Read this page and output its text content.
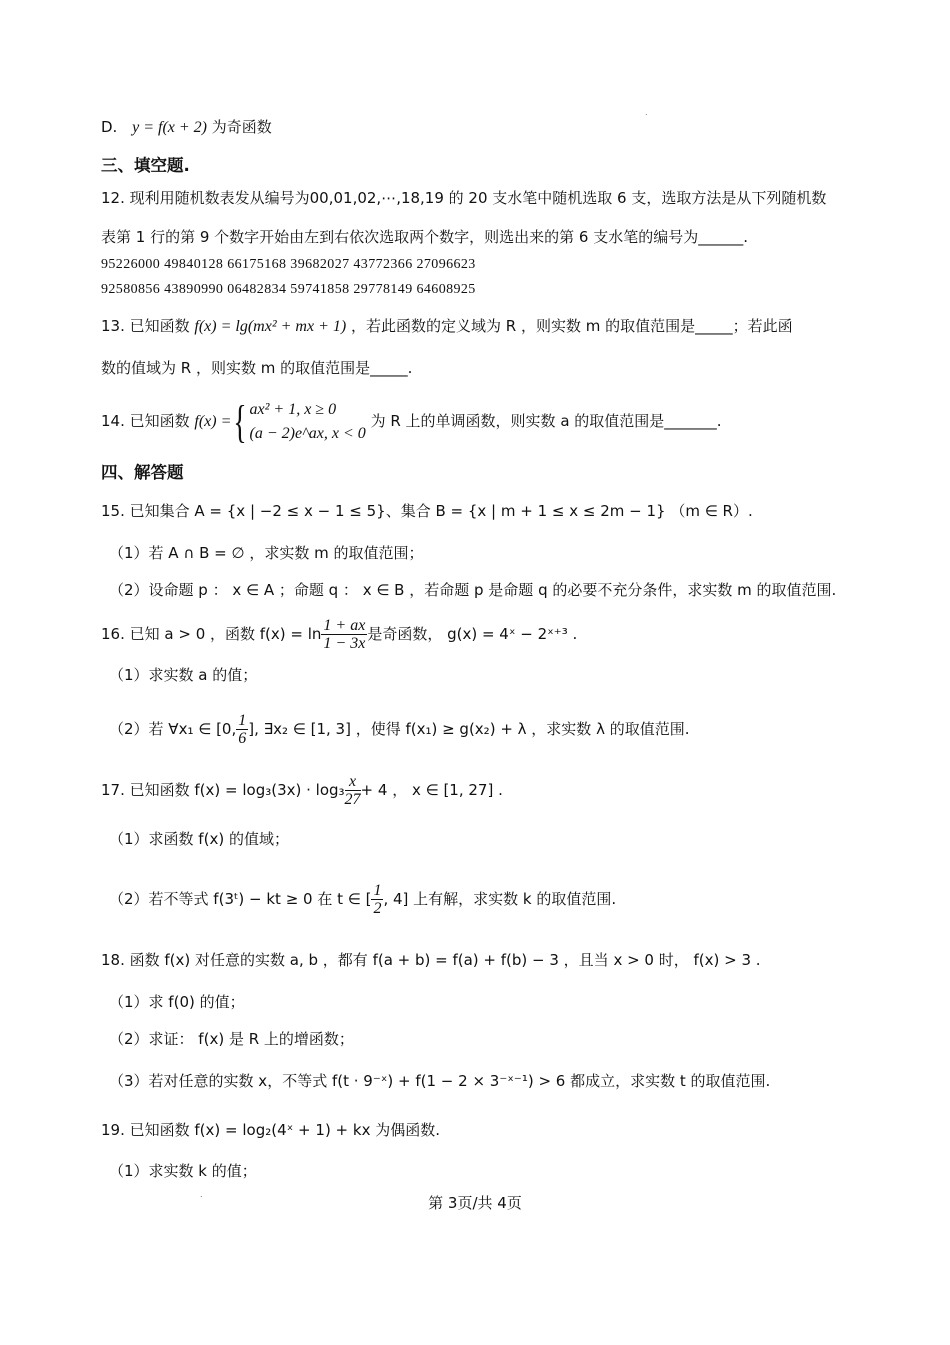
.
D. y = f(x + 2) 为奇函数
三、填空题.
12. 现利用随机数表发从编号为00,01,02,⋯,18,19 的 20 支水笔中随机选取 6 支，选取方法是从下列随机数
表第 1 行的第 9 个数字开始由左到右依次选取两个数字，则选出来的第 6 支水笔的编号为______.
95226000 49840128 66175168 39682027 43772366 27096623
92580856 43890990 06482834 59741858 29778149 64608925
13. 已知函数 f(x) = lg(mx² + mx + 1) ，若此函数的定义域为 R ，则实数 m 的取值范围是_____；若此函
数的值域为 R ，则实数 m 的取值范围是_____.
14. 已知函数 f(x) ={ ax² + 1, x ≥ 0
(a − 2)e^ax, x < 0
为 R 上的单调函数，则实数 a 的取值范围是_______.
四、解答题
15. 已知集合 A = {x | −2 ≤ x − 1 ≤ 5}、集合 B = {x | m + 1 ≤ x ≤ 2m − 1} （m ∈ R）.
（1）若 A ∩ B = ∅ ，求实数 m 的取值范围；
（2）设命题 p ： x ∈ A ；命题 q ： x ∈ B ，若命题 p 是命题 q 的必要不充分条件，求实数 m 的取值范围.
16. 已知 a > 0 ，函数 $f(x) = \ln \frac{1 + ax}{1 - 3x}$ 是奇函数， g(x) = 4ˣ − 2ˣ⁺³ .
（1）求实数 a 的值；
（2）若 ∀x₁ ∈ [0, $\frac{1}{6}$ ], ∃x₂ ∈ [1, 3] ，使得 f(x₁) ≥ g(x₂) + λ ，求实数 λ 的取值范围.
17. 已知函数 $f(x) = \log_3(3x) \cdot \log_3 \frac{x}{27} + 4$ ， x ∈ [1, 27] .
（1）求函数 f(x) 的值域；
（2）若不等式 f(3ᵗ) − kt ≥ 0 在 t ∈ [ $\frac{1}{2}$ , 4] 上有解，求实数 k 的取值范围.
18. 函数 f(x) 对任意的实数 a, b ，都有 f(a + b) = f(a) + f(b) − 3 ，且当 x > 0 时， f(x) > 3 .
（1）求 f(0) 的值；
（2）求证： f(x) 是 R 上的增函数；
（3）若对任意的实数 x，不等式 f(t · 9⁻ˣ) + f(1 − 2 × 3⁻ˣ⁻¹) > 6 都成立，求实数 t 的取值范围.
19. 已知函数 f(x) = log₂(4ˣ + 1) + kx 为偶函数.
（1）求实数 k 的值；
.	第 3页/共 4页
